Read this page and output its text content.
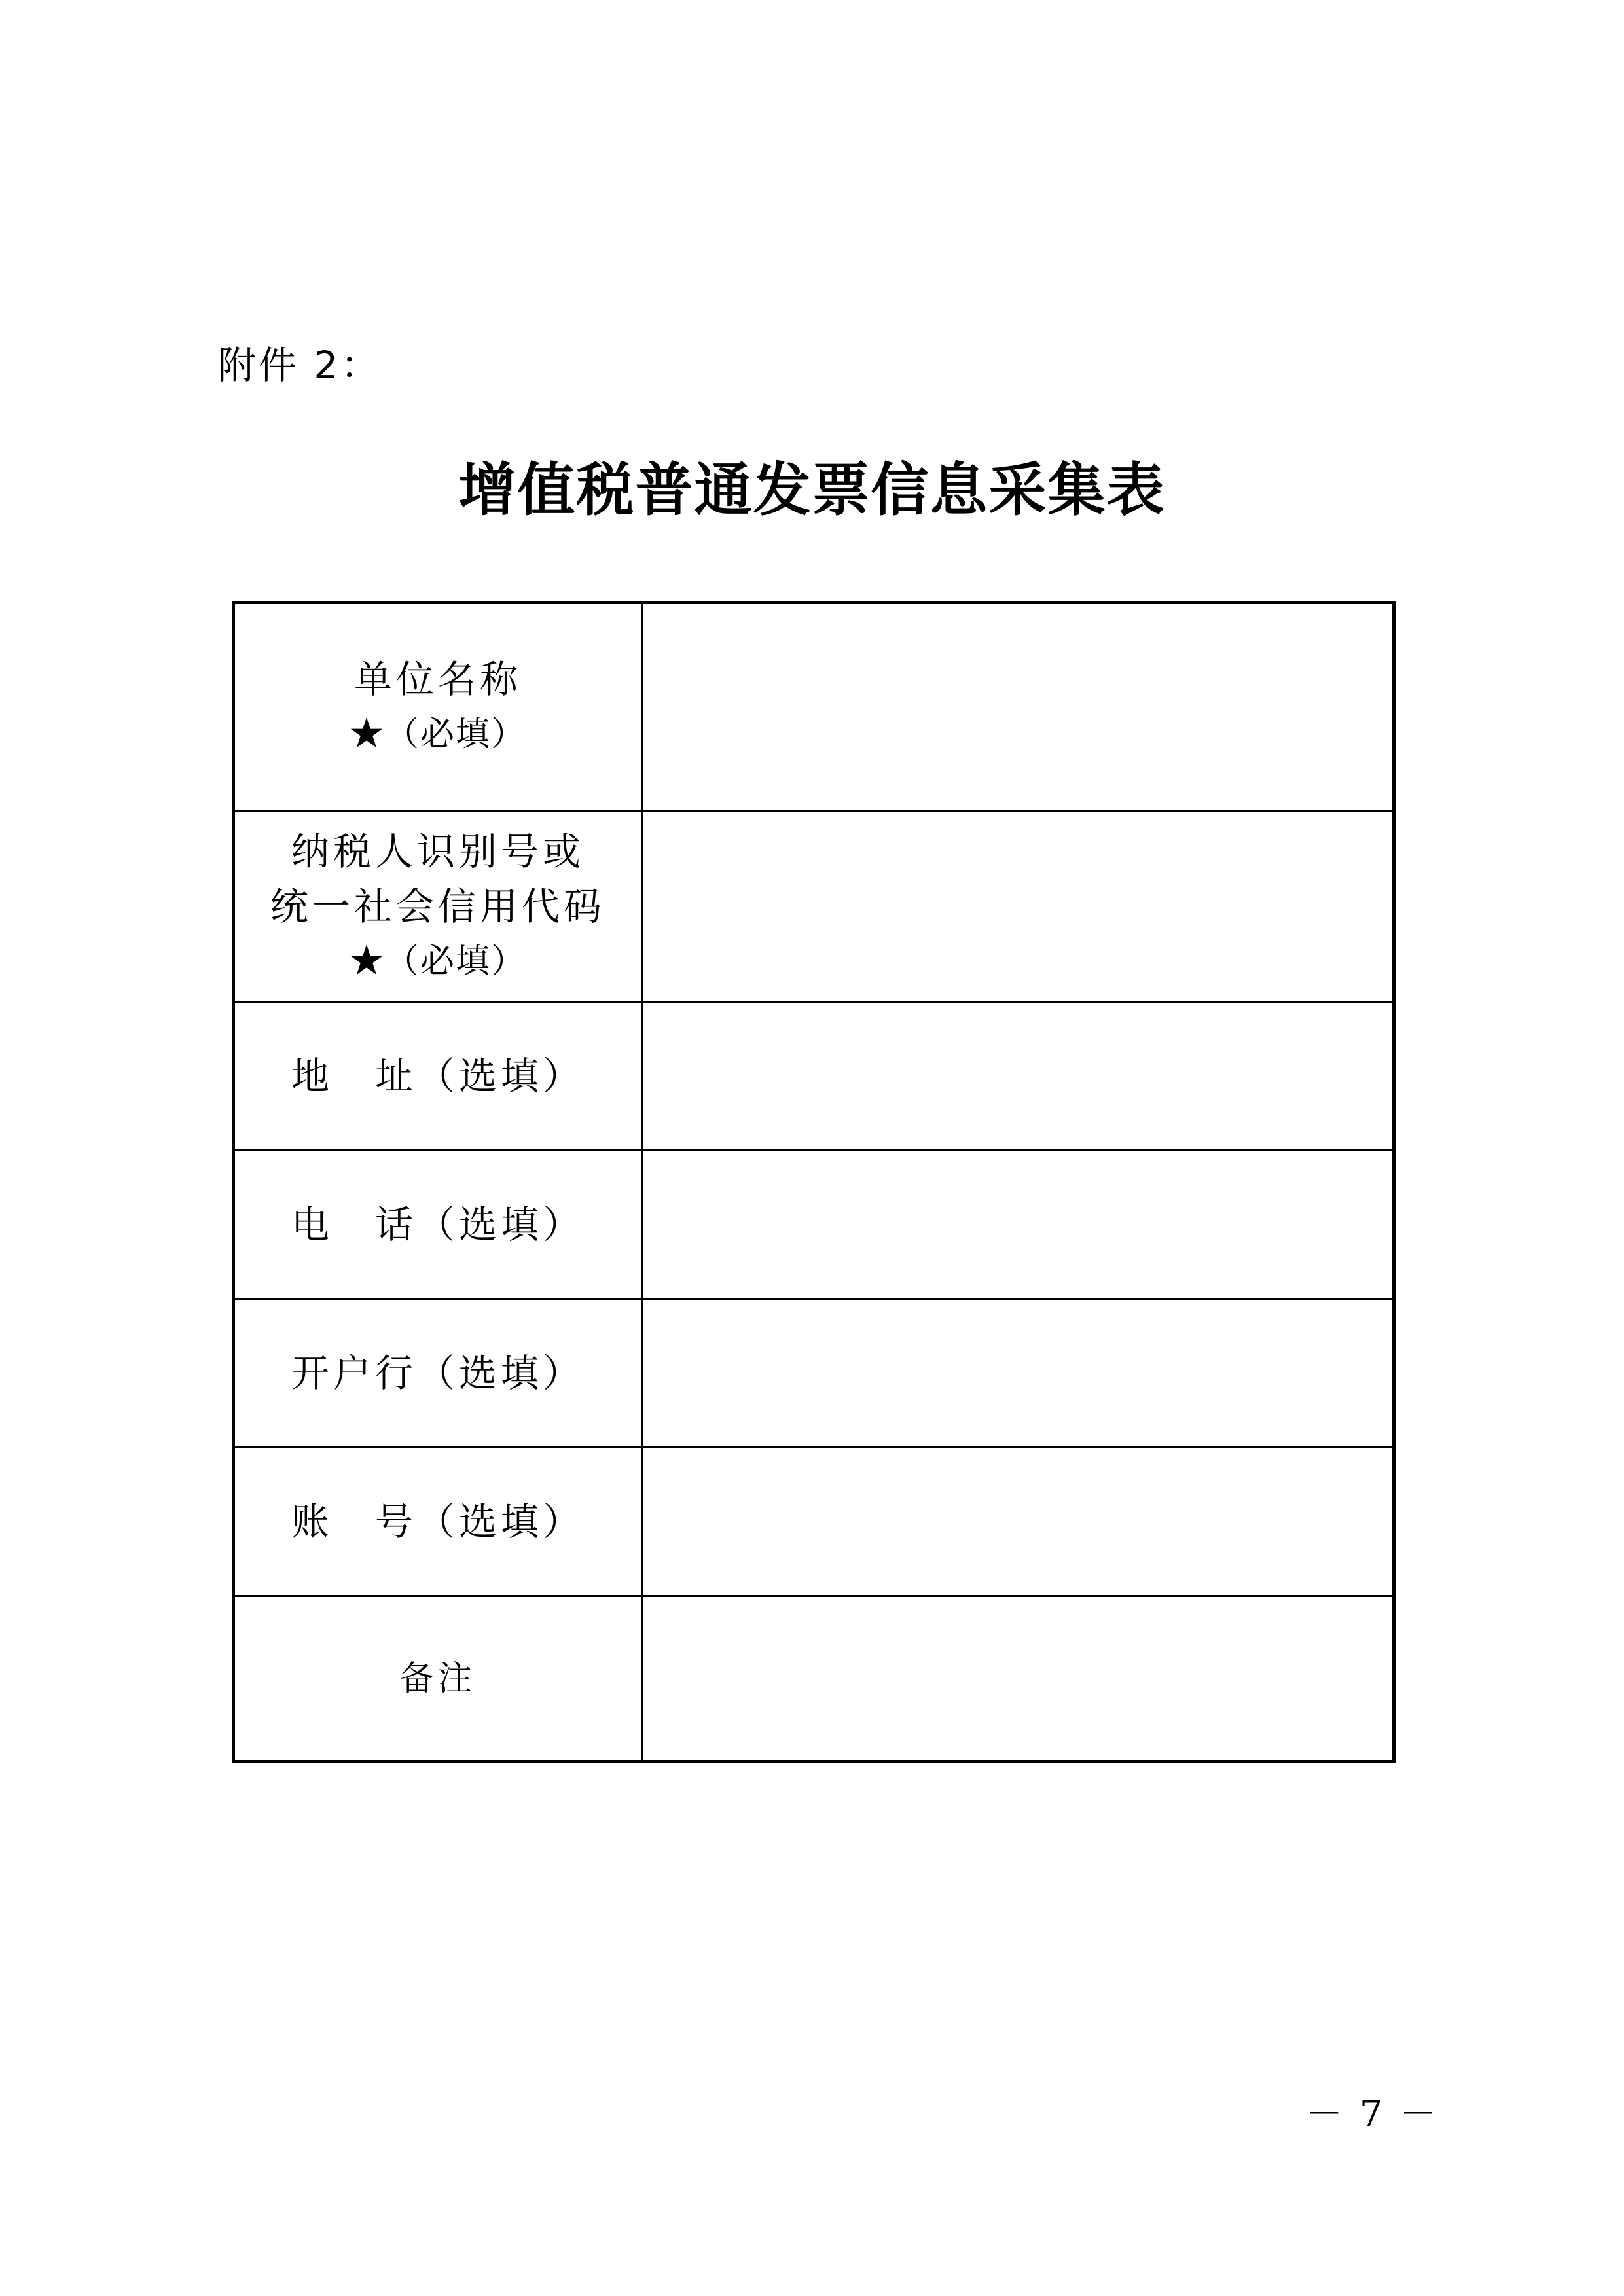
附件 2：
增值税普通发票信息采集表
单位名称
★（必填）	

纳税人识别号或
统一社会信用代码
★（必填）	

地　址（选填）	

电　话（选填）	

开户行（选填）	

账　号（选填）	

备注	

－ 7 －
